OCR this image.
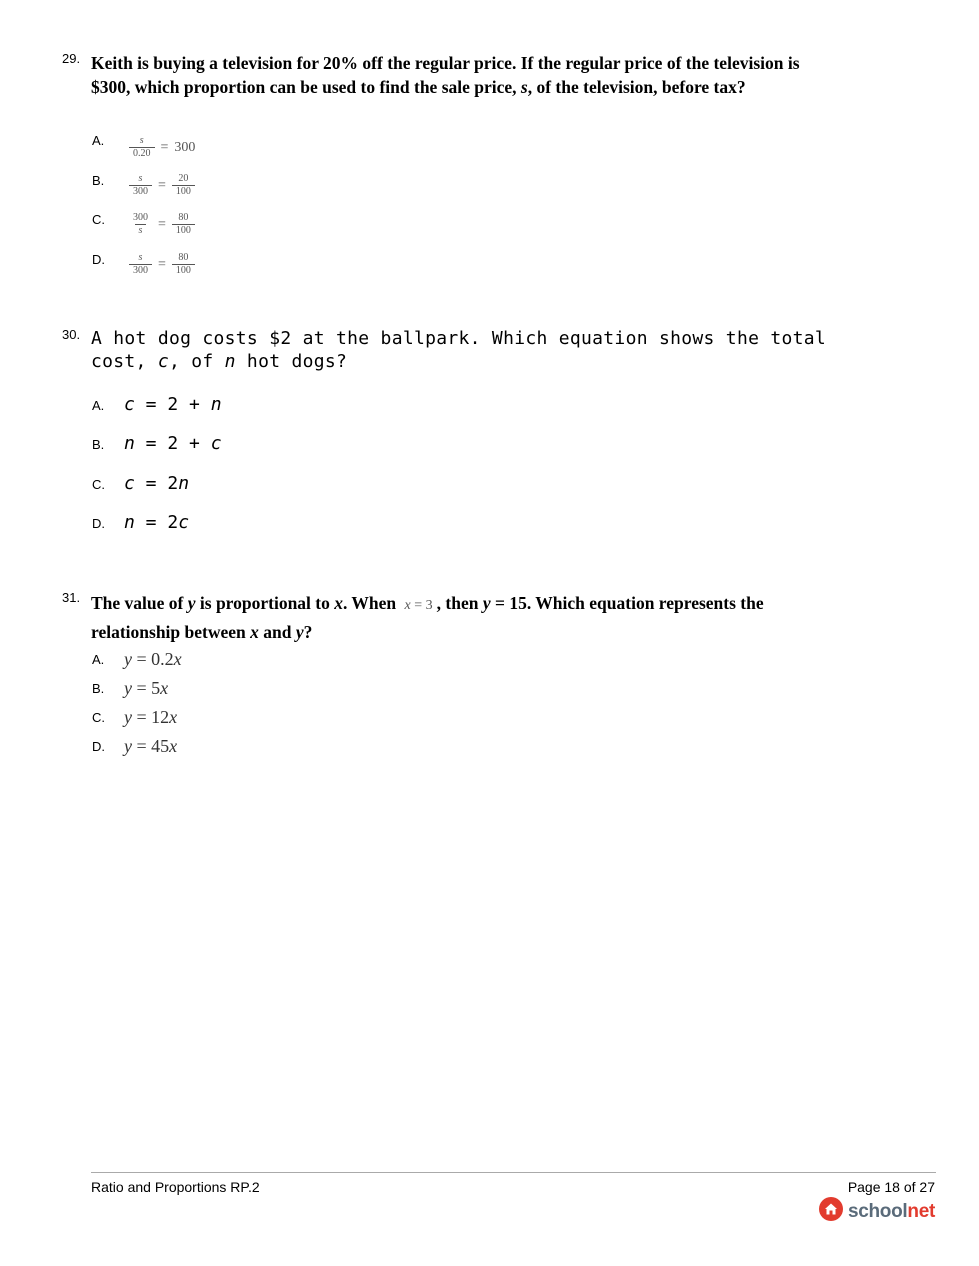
29. Keith is buying a television for 20% off the regular price. If the regular price of the television is $300, which proportion can be used to find the sale price, s, of the television, before tax?
A. $\frac{s}{0.20} = 300$
B. $\frac{s}{300} = \frac{20}{100}$
C. $\frac{300}{s} = \frac{80}{100}$
D. $\frac{s}{300} = \frac{80}{100}$
30. A hot dog costs $2 at the ballpark. Which equation shows the total cost, c, of n hot dogs?
A. c = 2 + n
B. n = 2 + c
C. c = 2n
D. n = 2c
31. The value of y is proportional to x. When x = 3 , then y = 15. Which equation represents the relationship between x and y?
A. y = 0.2x
B. y = 5x
C. y = 12x
D. y = 45x
Ratio and Proportions RP.2	Page 18 of 27
schoolnet
